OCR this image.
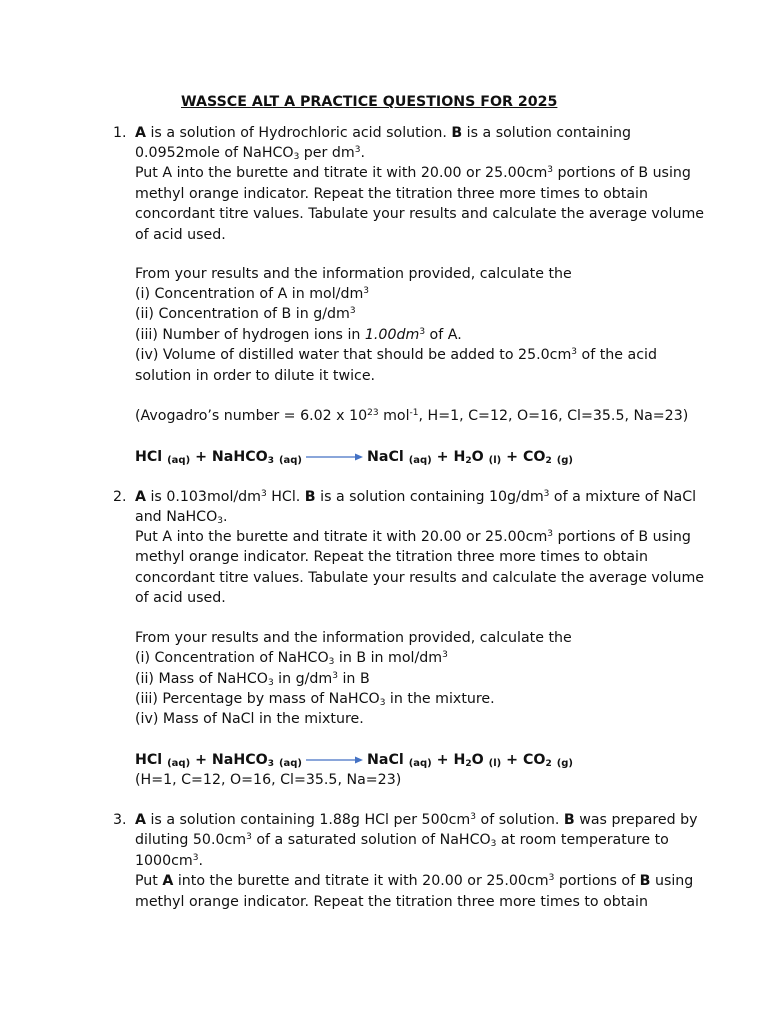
WASSCE ALT A PRACTICE QUESTIONS FOR 2025
1. A is a solution of Hydrochloric acid solution. B is a solution containing
0.0952mole of NaHCO$_3$ per $dm^3$.
Put A into the burette and titrate it with 20.00 or $25.00cm^3$ portions of B using
methyl orange indicator. Repeat the titration three more times to obtain
concordant titre values. Tabulate your results and calculate the average volume
of acid used.
From your results and the information provided, calculate the
(i) Concentration of A in mol/$dm^3$
(ii) Concentration of B in $g/dm^3$
(iii) Number of hydrogen ions in $1.00dm^3$ of A.
(iv) Volume of distilled water that should be added to $25.0cm^3$ of the acid
solution in order to dilute it twice.
(Avogadro’s number = 6.02 x $10^{23}$ mol$^{-1}$, H=1, C=12, O=16, Cl=35.5, Na=23)
HCl (aq) + NaHCO$_3$ (aq)	NaCl $(aq) + H_2O$ $(l) + CO_2$ (g)
2. A is $0.103mol/dm^3$ HCl. B is a solution containing $10g/dm^3$ of a mixture of NaCl
and NaHCO$_3$.
Put A into the burette and titrate it with 20.00 or $25.00cm^3$ portions of B using
methyl orange indicator. Repeat the titration three more times to obtain
concordant titre values. Tabulate your results and calculate the average volume
of acid used.
From your results and the information provided, calculate the
(i) Concentration of NaHCO$_3$ in B in mol/$dm^3$
(ii) Mass of NaHCO$_3$ in $g/dm^3$ in B
(iii) Percentage by mass of NaHCO$_3$ in the mixture.
(iv) Mass of NaCl in the mixture.
HCl (aq) + NaHCO$_3$ (aq)	NaCl $(aq) + H_2O$ $(l) + CO_2$ (g)
(H=1, C=12, O=16, Cl=35.5, Na=23)
3. A is a solution containing 1.88g HCl per $500cm^3$ of solution. B was prepared by
diluting $50.0cm^3$ of a saturated solution of NaHCO$_3$ at room temperature to
$1000cm^3$.
Put A into the burette and titrate it with 20.00 or $25.00cm^3$ portions of B using
methyl orange indicator. Repeat the titration three more times to obtain
